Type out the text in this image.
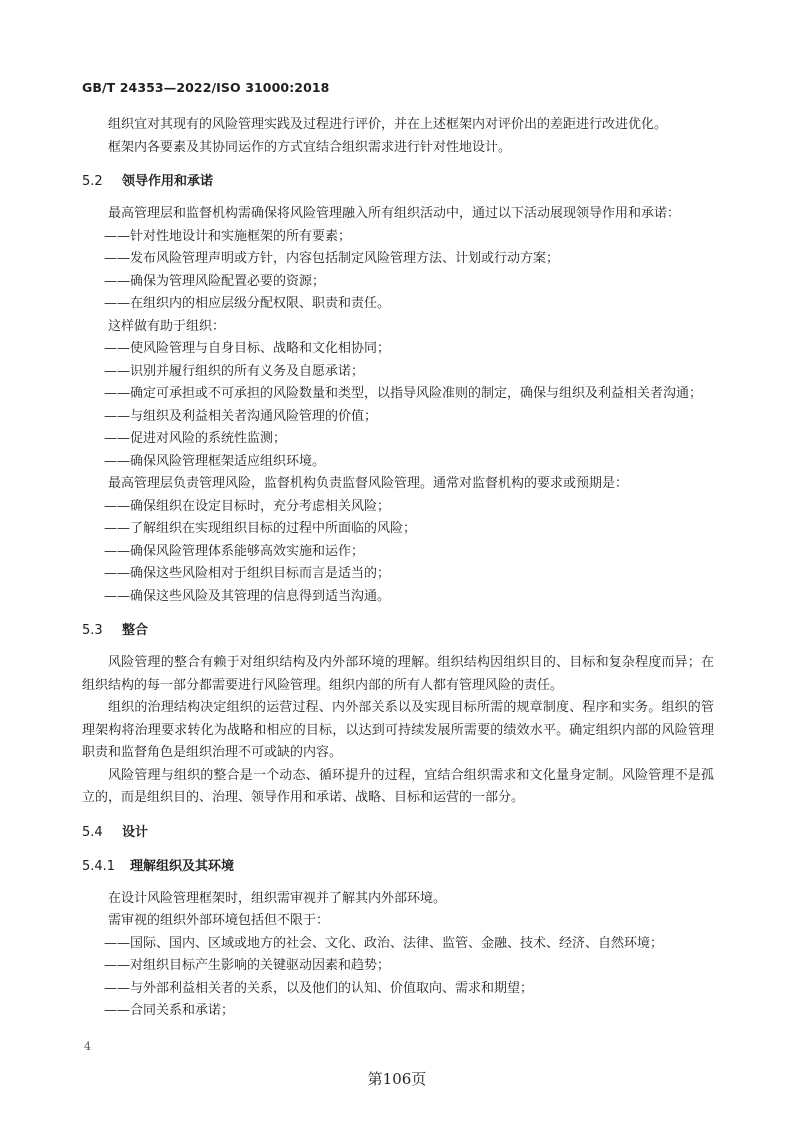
GB/T 24353—2022/ISO 31000:2018

组织宜对其现有的风险管理实践及过程进行评价，并在上述框架内对评价出的差距进行改进优化。

框架内各要素及其协同运作的方式宜结合组织需求进行针对性地设计。

5.2 领导作用和承诺

最高管理层和监督机构需确保将风险管理融入所有组织活动中，通过以下活动展现领导作用和承诺：

——针对性地设计和实施框架的所有要素；

——发布风险管理声明或方针，内容包括制定风险管理方法、计划或行动方案；

——确保为管理风险配置必要的资源；

——在组织内的相应层级分配权限、职责和责任。

这样做有助于组织：

——使风险管理与自身目标、战略和文化相协同；

——识别并履行组织的所有义务及自愿承诺；

——确定可承担或不可承担的风险数量和类型，以指导风险准则的制定，确保与组织及利益相关者沟通；

——与组织及利益相关者沟通风险管理的价值；

——促进对风险的系统性监测；

——确保风险管理框架适应组织环境。

最高管理层负责管理风险，监督机构负责监督风险管理。通常对监督机构的要求或预期是：

——确保组织在设定目标时，充分考虑相关风险；

——了解组织在实现组织目标的过程中所面临的风险；

——确保风险管理体系能够高效实施和运作；

——确保这些风险相对于组织目标而言是适当的；

——确保这些风险及其管理的信息得到适当沟通。

5.3 整合

风险管理的整合有赖于对组织结构及内外部环境的理解。组织结构因组织目的、目标和复杂程度而异；在组织结构的每一部分都需要进行风险管理。组织内部的所有人都有管理风险的责任。

组织的治理结构决定组织的运营过程、内外部关系以及实现目标所需的规章制度、程序和实务。组织的管理架构将治理要求转化为战略和相应的目标，以达到可持续发展所需要的绩效水平。确定组织内部的风险管理职责和监督角色是组织治理不可或缺的内容。

风险管理与组织的整合是一个动态、循环提升的过程，宜结合组织需求和文化量身定制。风险管理不是孤立的，而是组织目的、治理、领导作用和承诺、战略、目标和运营的一部分。

5.4 设计
5.4.1 理解组织及其环境

在设计风险管理框架时，组织需审视并了解其内外部环境。

需审视的组织外部环境包括但不限于：

——国际、国内、区域或地方的社会、文化、政治、法律、监管、金融、技术、经济、自然环境；

——对组织目标产生影响的关键驱动因素和趋势；

——与外部利益相关者的关系，以及他们的认知、价值取向、需求和期望；

——合同关系和承诺；

4
第106页
